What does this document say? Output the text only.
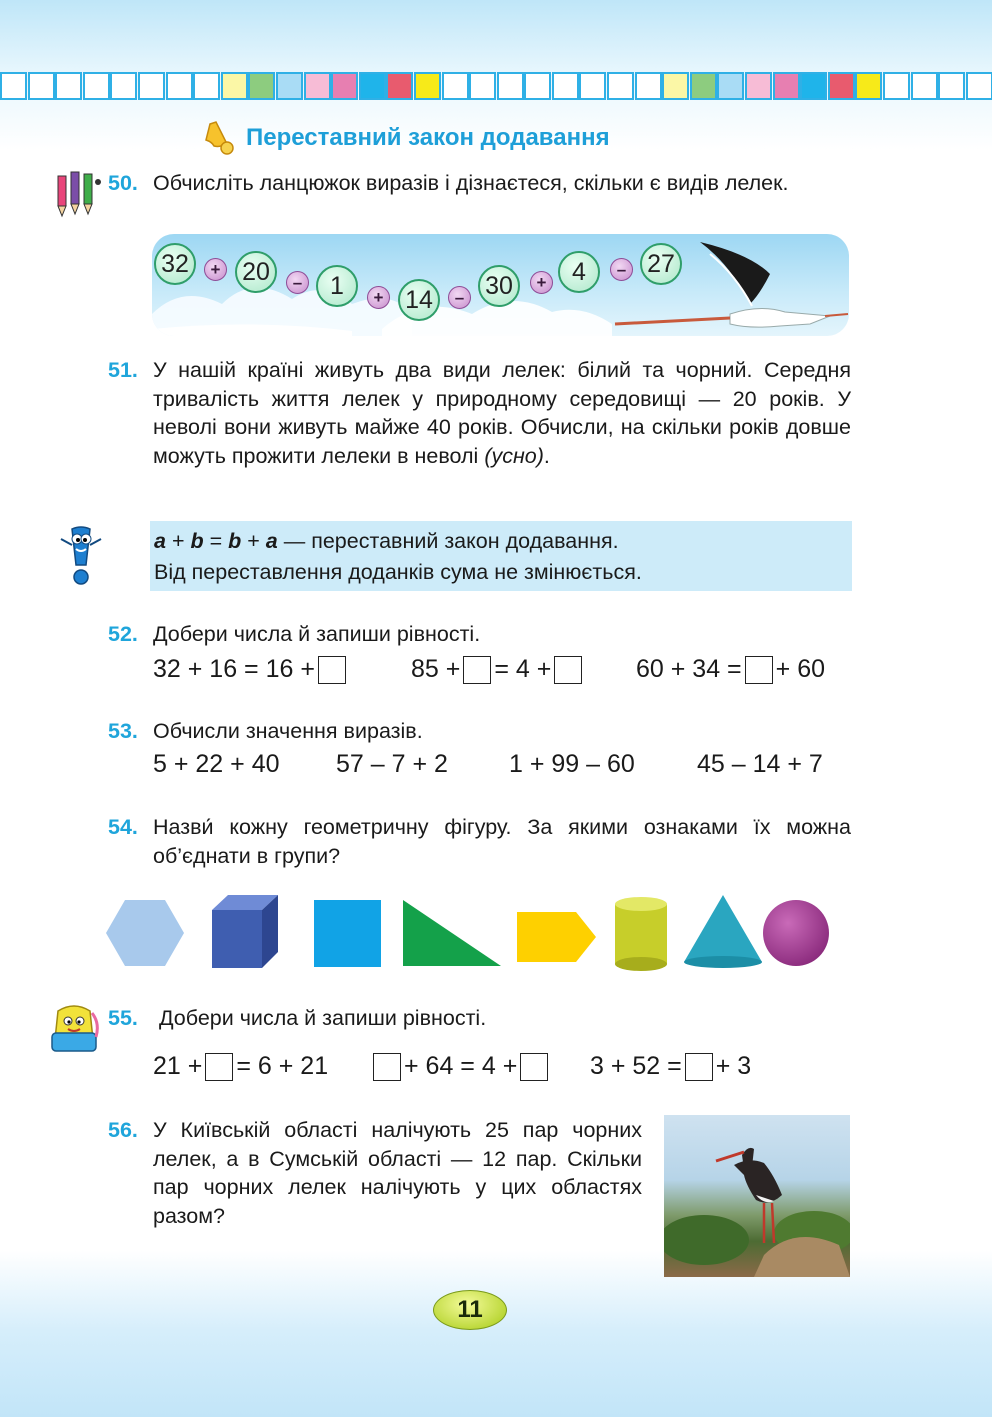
Переставний закон додавання
50. Обчисліть ланцюжок виразів і дізнаєтеся, скільки є видів лелек.
32	+ 20	–	1	+ 14	– 30	+	4	– 27
51. У нашій країні живуть два види лелек: білий та чорний. Середня тривалість життя лелек у природному середовищі — 20 років. У неволі вони живуть майже 40 років. Обчисли, на скільки років довше можуть прожити лелеки в неволі (усно).
a + b = b + a — переставний закон додавання.
Від переставлення доданків сума не змінюється.
52. Добери числа й запиши рівності.
32 + 16 = 16 +	85 + = 4 +	60 + 34 = + 60
53. Обчисли значення виразів.
5 + 22 + 40 57 – 7 + 2 1 + 99 – 60 45 – 14 + 7
54. Назви́ кожну геометричну фігуру. За якими ознаками їх можна об’єднати в групи?
55. Добери числа й запиши рівності.
21 + = 6 + 21	+ 64 = 4 +	3 + 52 = + 3
56. У Київській області налічують 25 пар чорних лелек, а в Сумській області — 12 пар. Скільки пар чорних лелек налічують у цих областях разом?
11
